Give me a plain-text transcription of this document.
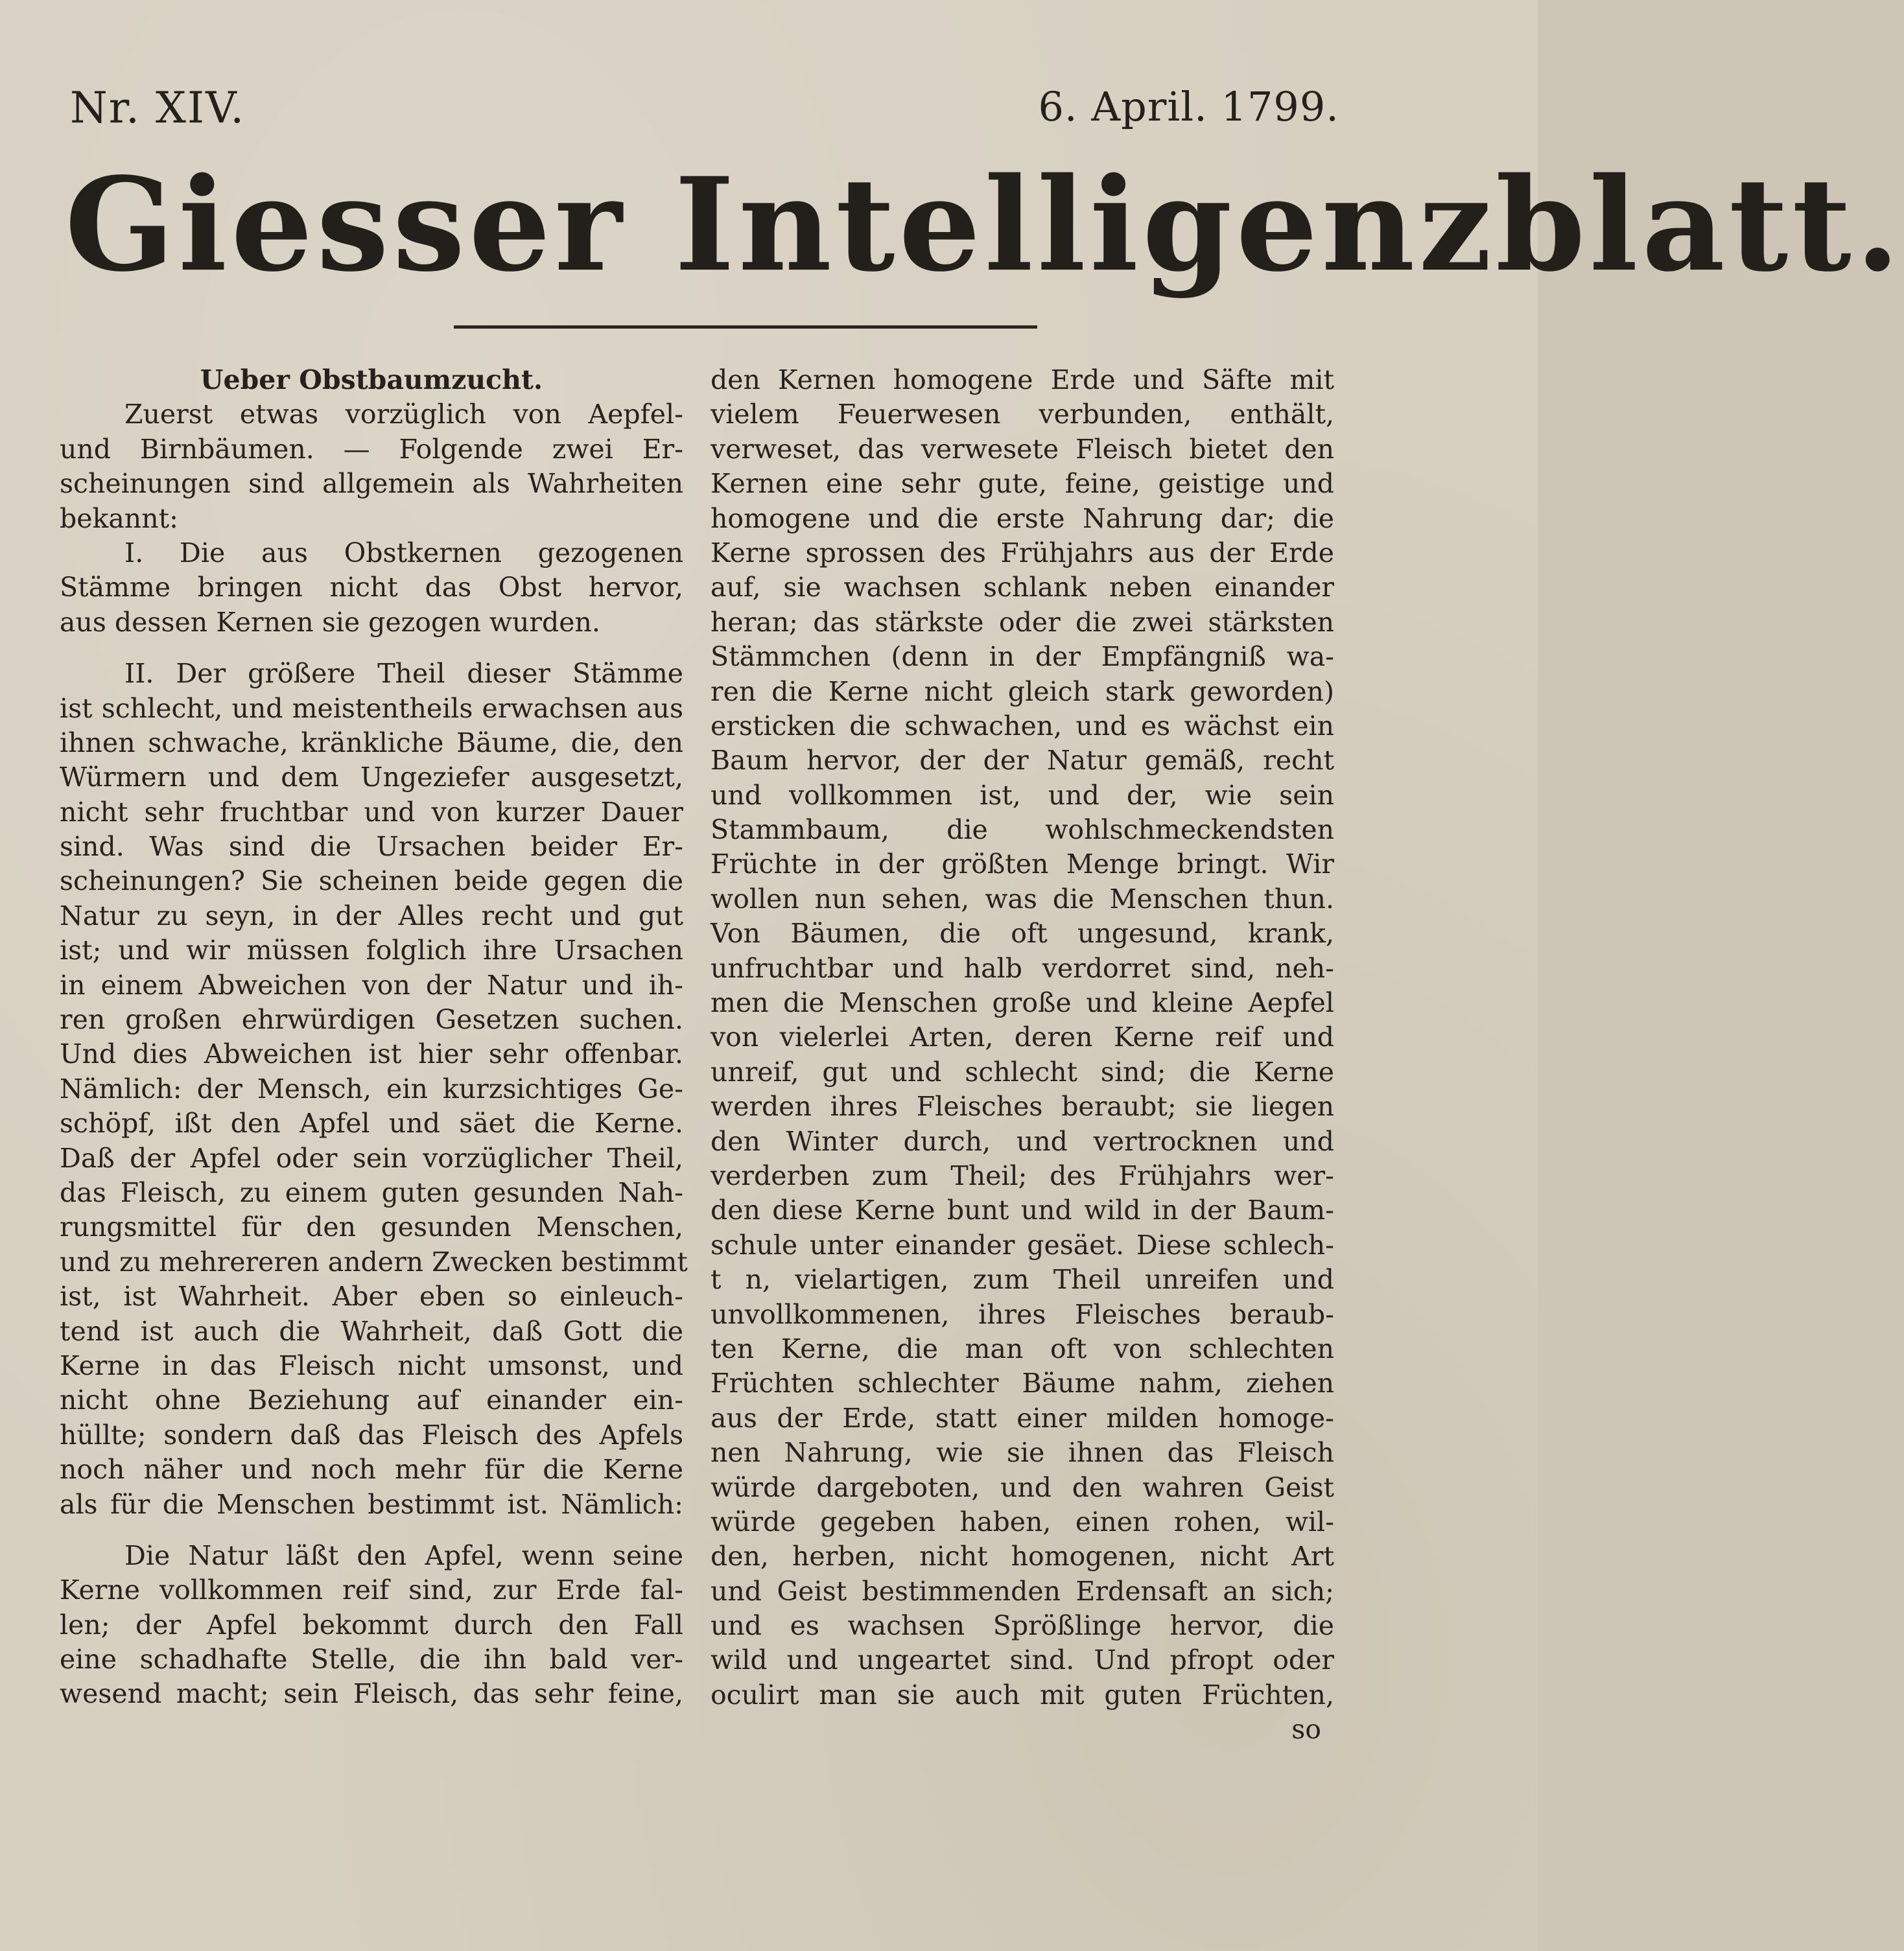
Nr. XIV.	6. April. 1799.
Giesser Intelligenzblatt.
Ueber Obstbaumzucht.
Zuerst etwas vorzüglich von Aepfel-
und Birnbäumen. — Folgende zwei Er-
scheinungen sind allgemein als Wahrheiten
bekannt:
I. Die aus Obstkernen gezogenen
Stämme bringen nicht das Obst hervor,
aus dessen Kernen sie gezogen wurden.
II. Der größere Theil dieser Stämme
ist schlecht, und meistentheils erwachsen aus
ihnen schwache, kränkliche Bäume, die, den
Würmern und dem Ungeziefer ausgesetzt,
nicht sehr fruchtbar und von kurzer Dauer
sind. Was sind die Ursachen beider Er-
scheinungen? Sie scheinen beide gegen die
Natur zu seyn, in der Alles recht und gut
ist; und wir müssen folglich ihre Ursachen
in einem Abweichen von der Natur und ih-
ren großen ehrwürdigen Gesetzen suchen.
Und dies Abweichen ist hier sehr offenbar.
Nämlich: der Mensch, ein kurzsichtiges Ge-
schöpf, ißt den Apfel und säet die Kerne.
Daß der Apfel oder sein vorzüglicher Theil,
das Fleisch, zu einem guten gesunden Nah-
rungsmittel für den gesunden Menschen,
und zu mehrereren andern Zwecken bestimmt
ist, ist Wahrheit. Aber eben so einleuch-
tend ist auch die Wahrheit, daß Gott die
Kerne in das Fleisch nicht umsonst, und
nicht ohne Beziehung auf einander ein-
hüllte; sondern daß das Fleisch des Apfels
noch näher und noch mehr für die Kerne
als für die Menschen bestimmt ist. Nämlich:
Die Natur läßt den Apfel, wenn seine
Kerne vollkommen reif sind, zur Erde fal-
len; der Apfel bekommt durch den Fall
eine schadhafte Stelle, die ihn bald ver-
wesend macht; sein Fleisch, das sehr feine,
den Kernen homogene Erde und Säfte mit
vielem Feuerwesen verbunden, enthält,
verweset, das verwesete Fleisch bietet den
Kernen eine sehr gute, feine, geistige und
homogene und die erste Nahrung dar; die
Kerne sprossen des Frühjahrs aus der Erde
auf, sie wachsen schlank neben einander
heran; das stärkste oder die zwei stärksten
Stämmchen (denn in der Empfängniß wa-
ren die Kerne nicht gleich stark geworden)
ersticken die schwachen, und es wächst ein
Baum hervor, der der Natur gemäß, recht
und vollkommen ist, und der, wie sein
Stammbaum, die wohlschmeckendsten
Früchte in der größten Menge bringt. Wir
wollen nun sehen, was die Menschen thun.
Von Bäumen, die oft ungesund, krank,
unfruchtbar und halb verdorret sind, neh-
men die Menschen große und kleine Aepfel
von vielerlei Arten, deren Kerne reif und
unreif, gut und schlecht sind; die Kerne
werden ihres Fleisches beraubt; sie liegen
den Winter durch, und vertrocknen und
verderben zum Theil; des Frühjahrs wer-
den diese Kerne bunt und wild in der Baum-
schule unter einander gesäet. Diese schlech-
t n, vielartigen, zum Theil unreifen und
unvollkommenen, ihres Fleisches beraub-
ten Kerne, die man oft von schlechten
Früchten schlechter Bäume nahm, ziehen
aus der Erde, statt einer milden homoge-
nen Nahrung, wie sie ihnen das Fleisch
würde dargeboten, und den wahren Geist
würde gegeben haben, einen rohen, wil-
den, herben, nicht homogenen, nicht Art
und Geist bestimmenden Erdensaft an sich;
und es wachsen Sprößlinge hervor, die
wild und ungeartet sind. Und pfropt oder
oculirt man sie auch mit guten Früchten,
so
